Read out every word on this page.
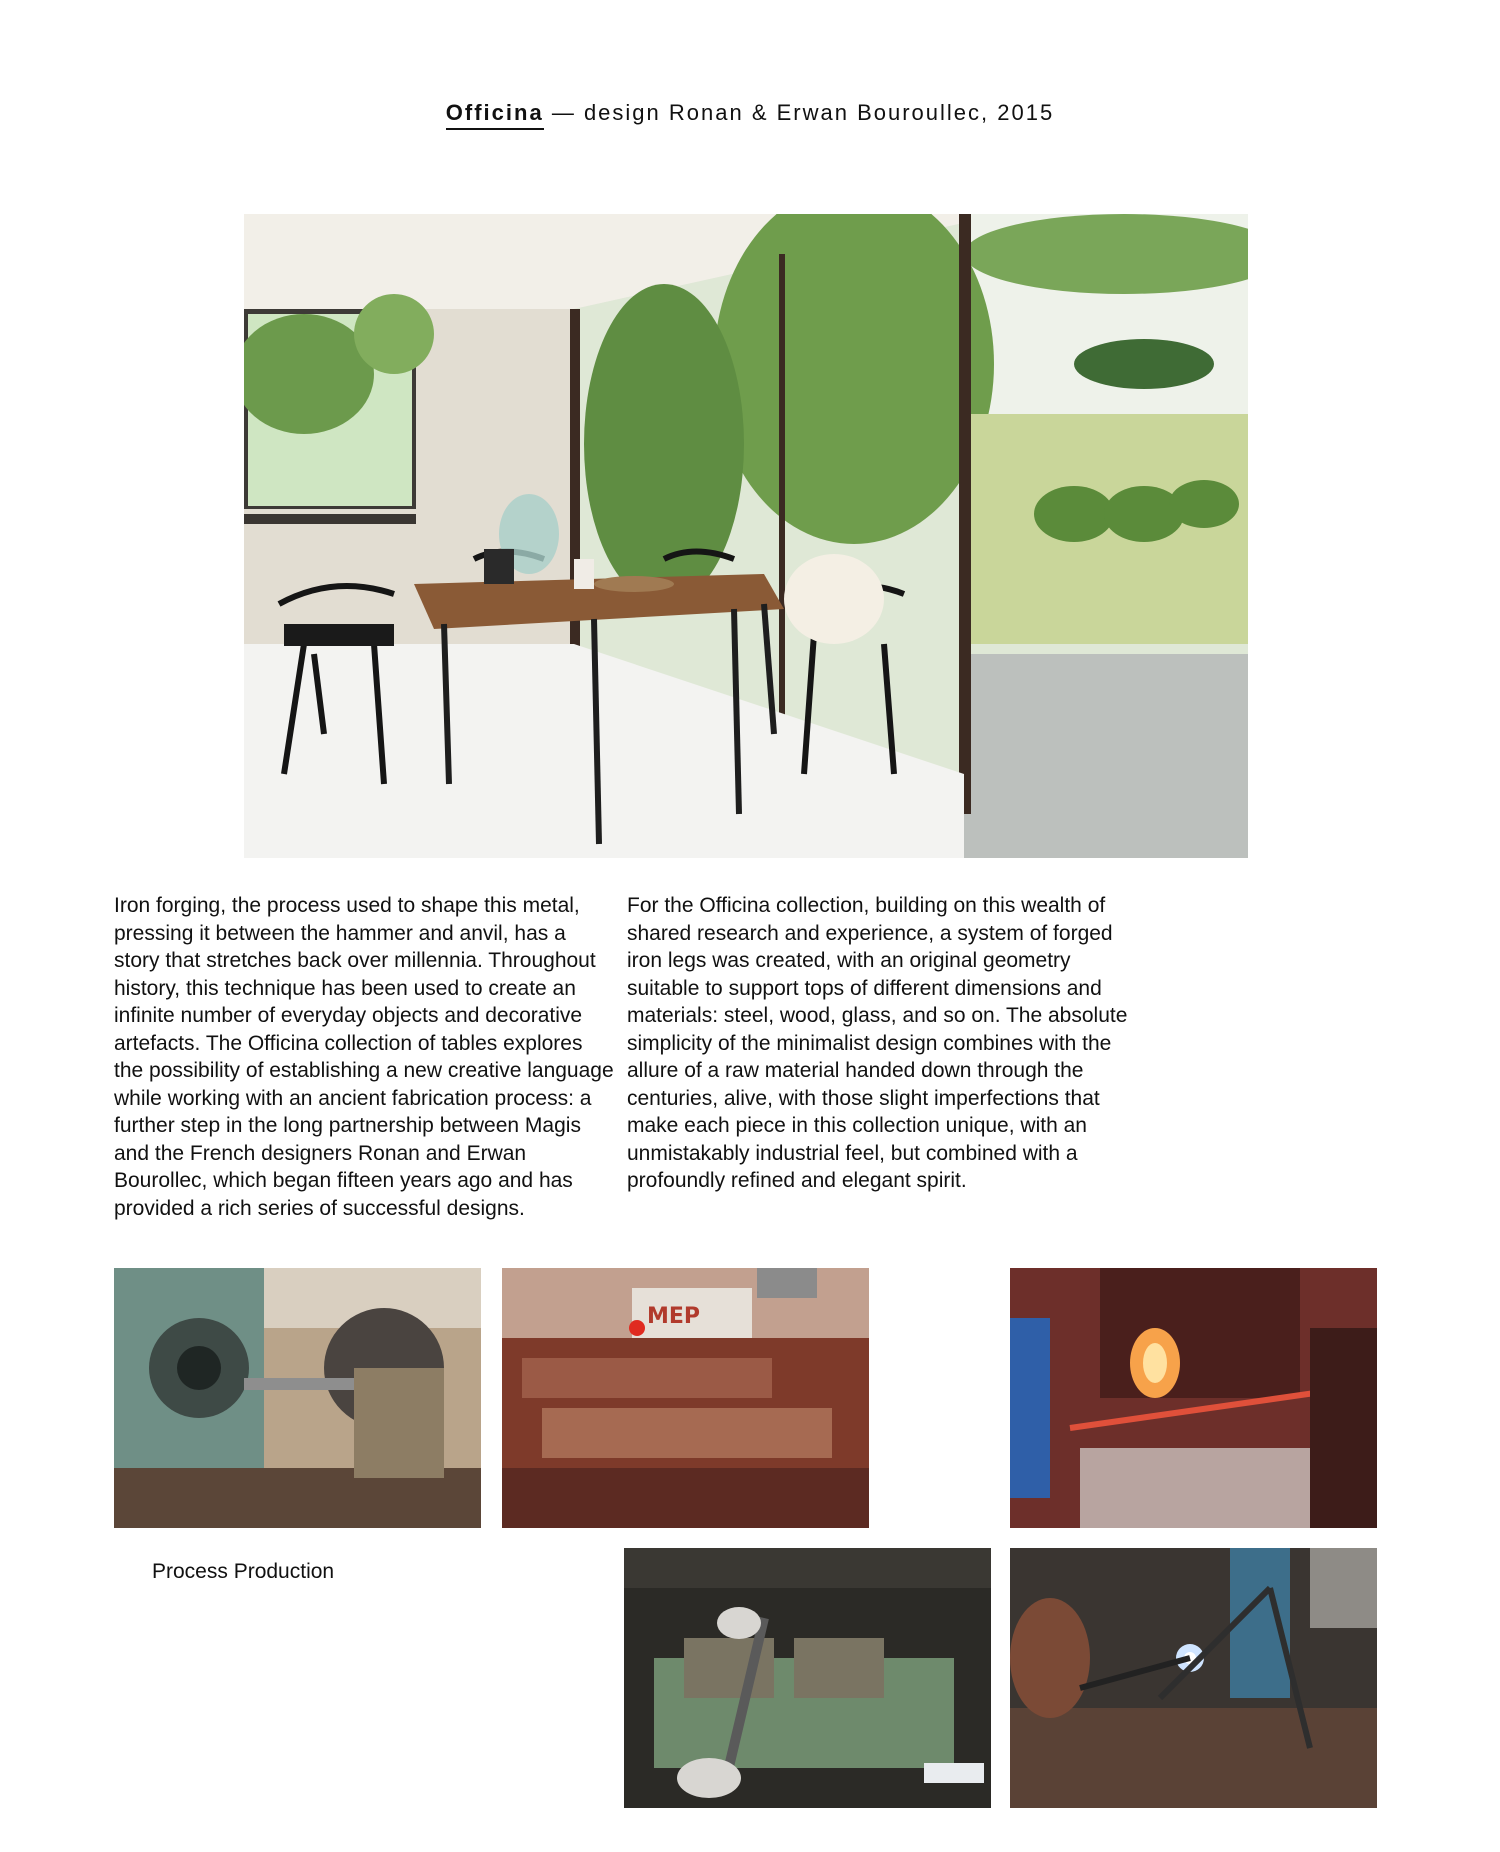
Officina — design Ronan & Erwan Bouroullec, 2015
Iron forging, the process used to shape this metal, pressing it between the hammer and anvil, has a story that stretches back over millennia. Throughout history, this technique has been used to create an infinite number of everyday objects and decorative artefacts. The Officina collection of tables explores the possibility of establishing a new creative language while working with an ancient fabrication process: a further step in the long partnership between Magis and the French designers Ronan and Erwan Bourollec, which began fifteen years ago and has provided a rich series of successful designs.
For the Officina collection, building on this wealth of shared research and experience, a system of forged iron legs was created, with an original geometry suitable to support tops of different dimensions and materials: steel, wood, glass, and so on. The absolute simplicity of the minimalist design combines with the allure of a raw material handed down through the centuries, alive, with those slight imperfections that make each piece in this collection unique, with an unmistakably industrial feel, but combined with a profoundly refined and elegant spirit.
MEP
Process Production
